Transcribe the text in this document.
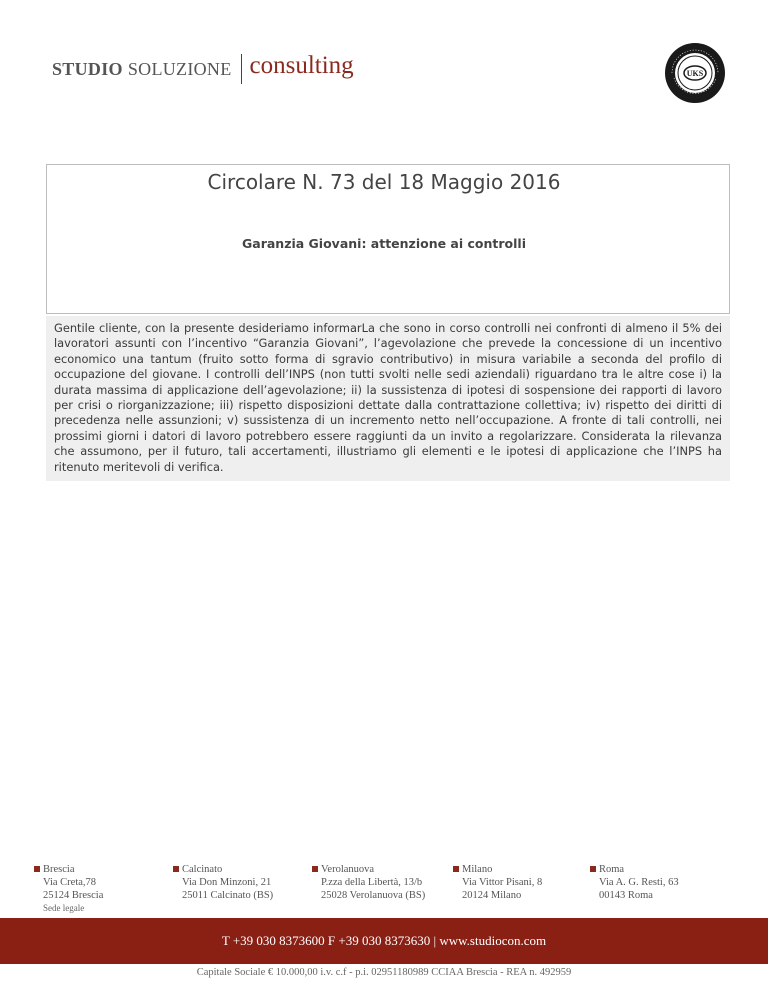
STUDIO SOLUZIONE consulting	UKS
Circolare N. 73 del 18 Maggio 2016
Garanzia Giovani: attenzione ai controlli
Gentile cliente, con la presente desideriamo informarLa che sono in corso controlli nei confronti di almeno il 5% dei lavoratori assunti con l’incentivo “Garanzia Giovani”, l’agevolazione che prevede la concessione di un incentivo economico una tantum (fruito sotto forma di sgravio contributivo) in misura variabile a seconda del profilo di occupazione del giovane. I controlli dell’INPS (non tutti svolti nelle sedi aziendali) riguardano tra le altre cose i) la durata massima di applicazione dell’agevolazione; ii) la sussistenza di ipotesi di sospensione dei rapporti di lavoro per crisi o riorganizzazione; iii) rispetto disposizioni dettate dalla contrattazione collettiva; iv) rispetto dei diritti di precedenza nelle assunzioni; v) sussistenza di un incremento netto nell’occupazione. A fronte di tali controlli, nei prossimi giorni i datori di lavoro potrebbero essere raggiunti da un invito a regolarizzare. Considerata la rilevanza che assumono, per il futuro, tali accertamenti, illustriamo gli elementi e le ipotesi di applicazione che l’INPS ha ritenuto meritevoli di verifica.
Brescia
Via Creta,78
25124 Brescia
Sede legale
Calcinato
Via Don Minzoni, 21
25011 Calcinato (BS)
Verolanuova
P.zza della Libertà, 13/b
25028 Verolanuova (BS)
Milano
Via Vittor Pisani, 8
20124 Milano
Roma
Via A. G. Resti, 63
00143 Roma
T +39 030 8373600 F +39 030 8373630 | www.studiocon.com
Capitale Sociale € 10.000,00 i.v. c.f - p.i. 02951180989 CCIAA Brescia - REA n. 492959
